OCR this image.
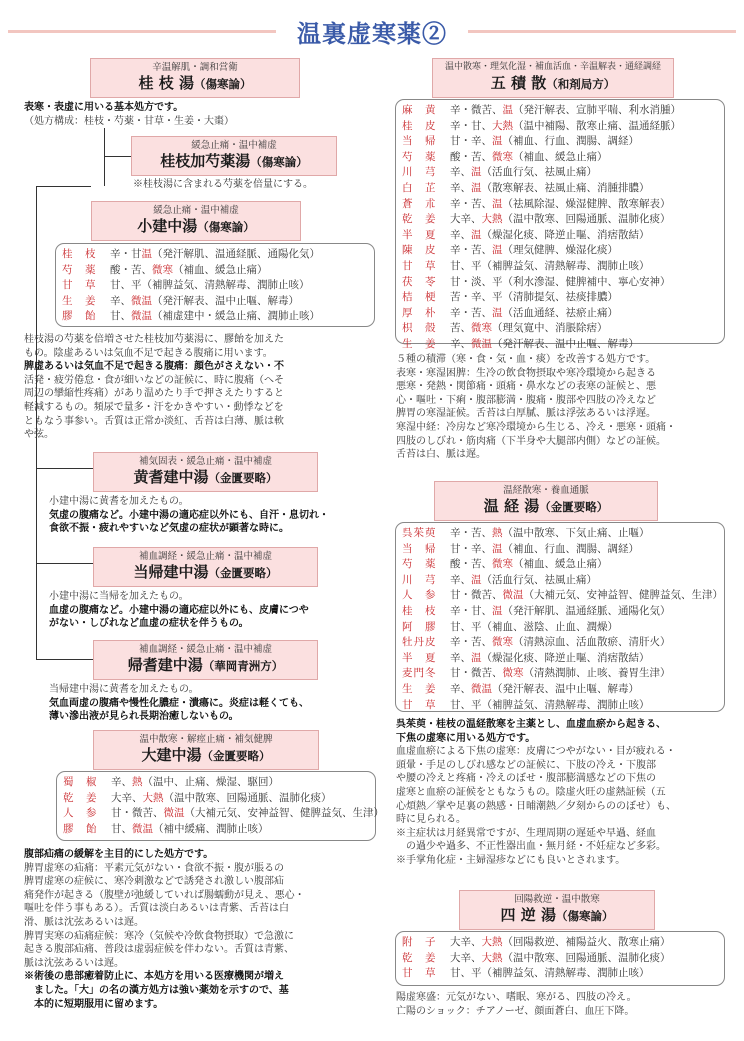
温裏虚寒薬②
辛温解肌・調和営衛
桂 枝 湯（傷寒論）
表寒・表虚に用いる基本処方です。
（処方構成：桂枝・芍薬・甘草・生姜・大棗）
緩急止痛・温中補虚
桂枝加芍薬湯（傷寒論）
※桂枝湯に含まれる芍薬を倍量にする。
緩急止痛・温中補虚
小建中湯（傷寒論）
桂　枝 辛・甘温（発汗解肌、温通経脈、通陽化気）
芍　薬 酸・苦、微寒（補血、緩急止痛）
甘　草 甘、平（補脾益気、清熱解毒、潤肺止咳）
生　姜 辛、微温（発汗解表、温中止嘔、解毒）
膠　飴 甘、微温（補虚建中・緩急止痛、潤肺止咳）
桂枝湯の芍薬を倍増させた桂枝加芍薬湯に、膠飴を加えた
もの。陰虚あるいは気血不足で起きる腹痛に用います。
脾虚あるいは気血不足で起きる腹痛：顔色がさえない・不
活発・疲労倦怠・食が細いなどの証候に、時に腹痛（へそ
周辺の攣縮性疼痛）があり温めたり手で押さえたりすると
軽減するもの。頻尿で量多・汗をかきやすい・動悸などを
ともなう事参い。舌質は正常か淡紅、舌苔は白薄、脈は軟
や弦。
補気固表・緩急止痛・温中補虚
黄耆建中湯（金匱要略）
小建中湯に黄耆を加えたもの。
気虚の腹痛など。小建中湯の適応症以外にも、自汗・息切れ・
食欲不振・疲れやすいなど気虚の症状が顕著な時に。
補血調経・緩急止痛・温中補虚
当帰建中湯（金匱要略）
小建中湯に当帰を加えたもの。
血虚の腹痛など。小建中湯の適応症以外にも、皮膚につや
がない・しびれなど血虚の症状を伴うもの。
補血調経・緩急止痛・温中補虚
帰耆建中湯（華岡青洲方）
当帰建中湯に黄耆を加えたもの。
気血両虚の腹痛や慢性化膿症・潰瘍に。炎症は軽くても、
薄い滲出液が見られ長期治癒しないもの。
温中散寒・解痙止痛・補気健脾
大建中湯（金匱要略）
蜀　椒 辛、熱（温中、止痛、燥湿、駆回）
乾　姜 大辛、大熱（温中散寒、回陽通脈、温肺化痰）
人　参 甘・微苦、微温（大補元気、安神益智、健脾益気、生津）
膠　飴 甘、微温（補中緩痛、潤肺止咳）
腹部疝痛の緩解を主目的にした処方です。
脾胃虚寒の疝痛：平素元気がない・食欲不振・腹が脹るの
脾胃虚寒の症候に、寒冷刺激などで誘発され激しい腹部疝
痛発作が起きる（腹壁が弛緩していれば腸蠕動が見え、悪心・
嘔吐を伴う事もある）。舌質は淡白あるいは青紫、舌苔は白
滑、脈は沈弦あるいは遅。
脾胃実寒の疝痛症候：寒冷（気候や冷飲食物摂取）で急激に
起きる腹部疝痛、普段は虚弱症候を伴わない。舌質は青紫、
脈は沈弦あるいは遅。
※術後の患部癒着防止に、本処方を用いる医療機関が増え
　ました。「大」の名の漢方処方は強い薬効を示すので、基
　本的に短期服用に留めます。
温中散寒・理気化湿・補血活血・辛温解表・通経調経
五 積 散（和剤局方）
麻　黄 辛・微苦、温（発汗解表、宣肺平喘、利水消腫）
桂　皮 辛・甘、大熱（温中補陽、散寒止痛、温通経脈）
当　帰 甘・辛、温（補血、行血、潤腸、調経）
芍　薬 酸・苦、微寒（補血、緩急止痛）
川　芎 辛、温（活血行気、祛風止痛）
白　芷 辛、温（散寒解表、祛風止痛、消腫排膿）
蒼　朮 辛・苦、温（祛風除湿、燥湿健脾、散寒解表）
乾　姜 大辛、大熱（温中散寒、回陽通脈、温肺化痰）
半　夏 辛、温（燥湿化痰、降逆止嘔、消痞散結）
陳　皮 辛・苦、温（理気健脾、燥湿化痰）
甘　草 甘、平（補脾益気、清熱解毒、潤肺止咳）
茯　苓 甘・淡、平（利水滲湿、健脾補中、寧心安神）
桔　梗 苦・辛、平（清肺提気、祛痰排膿）
厚　朴 辛・苦、温（活血通経、祛瘀止痛）
枳　殻 苦、微寒（理気寛中、消脹除痞）
生　姜 辛、微温（発汗解表、温中止嘔、解毒）
５種の積滞（寒・食・気・血・痰）を改善する処方です。
表寒・寒湿困脾：生冷の飲食物摂取や寒冷環境から起きる
悪寒・発熱・関節痛・頭痛・鼻水などの表寒の証候と、悪
心・嘔吐・下痢・腹部膨満・腹痛・腹部や四肢の冷えなど
脾胃の寒湿証候。舌苔は白厚膩、脈は浮弦あるいは浮遅。
寒湿中経：冷房など寒冷環境から生じる、冷え・悪寒・頭痛・
四肢のしびれ・筋肉痛（下半身や大腿部内側）などの証候。
舌苔は白、脈は遅。
温経散寒・養血通脈
温 経 湯（金匱要略）
呉茱萸 辛・苦、熱（温中散寒、下気止痛、止嘔）
当　帰 甘・辛、温（補血、行血、潤腸、調経）
芍　薬 酸・苦、微寒（補血、緩急止痛）
川　芎 辛、温（活血行気、祛風止痛）
人　参 甘・微苦、微温（大補元気、安神益智、健脾益気、生津）
桂　枝 辛・甘、温（発汗解肌、温通経脈、通陽化気）
阿　膠 甘、平（補血、滋陰、止血、潤燥）
牡丹皮 辛・苦、微寒（清熱涼血、活血散瘀、清肝火）
半　夏 辛、温（燥湿化痰、降逆止嘔、消痞散結）
麦門冬 甘・微苦、微寒（清熱潤肺、止咳、養胃生津）
生　姜 辛、微温（発汗解表、温中止嘔、解毒）
甘　草 甘、平（補脾益気、清熱解毒、潤肺止咳）
呉茱萸・桂枝の温経散寒を主薬とし、血虚血瘀から起きる、
下焦の虚寒に用いる処方です。
血虚血瘀による下焦の虚寒：皮膚につやがない・目が疲れる・
頭暈・手足のしびれ感などの証候に、下肢の冷え・下腹部
や腰の冷えと疼痛・冷えのぼせ・腹部膨満感などの下焦の
虚寒と血瘀の証候をともなうもの。陰虚火旺の虚熱証候（五
心煩熱／掌や足裏の熱感・日晡潮熱／夕刻からののぼせ）も、
時に見られる。
※主症状は月経異常ですが、生理周期の遅延や早過、経血
　の過少や過多、不正性器出血・無月経・不妊症など多彩。
※手掌角化症・主婦湿疹などにも良いとされます。
回陽救逆・温中散寒
四 逆 湯（傷寒論）
附　子 大辛、大熱（回陽救逆、補陽益火、散寒止痛）
乾　姜 大辛、大熱（温中散寒、回陽通脈、温肺化痰）
甘　草 甘、平（補脾益気、清熱解毒、潤肺止咳）
陽虚寒盛：元気がない、嗜眠、寒がる、四肢の冷え。
亡陽のショック：チアノーゼ、顔面蒼白、血圧下降。
